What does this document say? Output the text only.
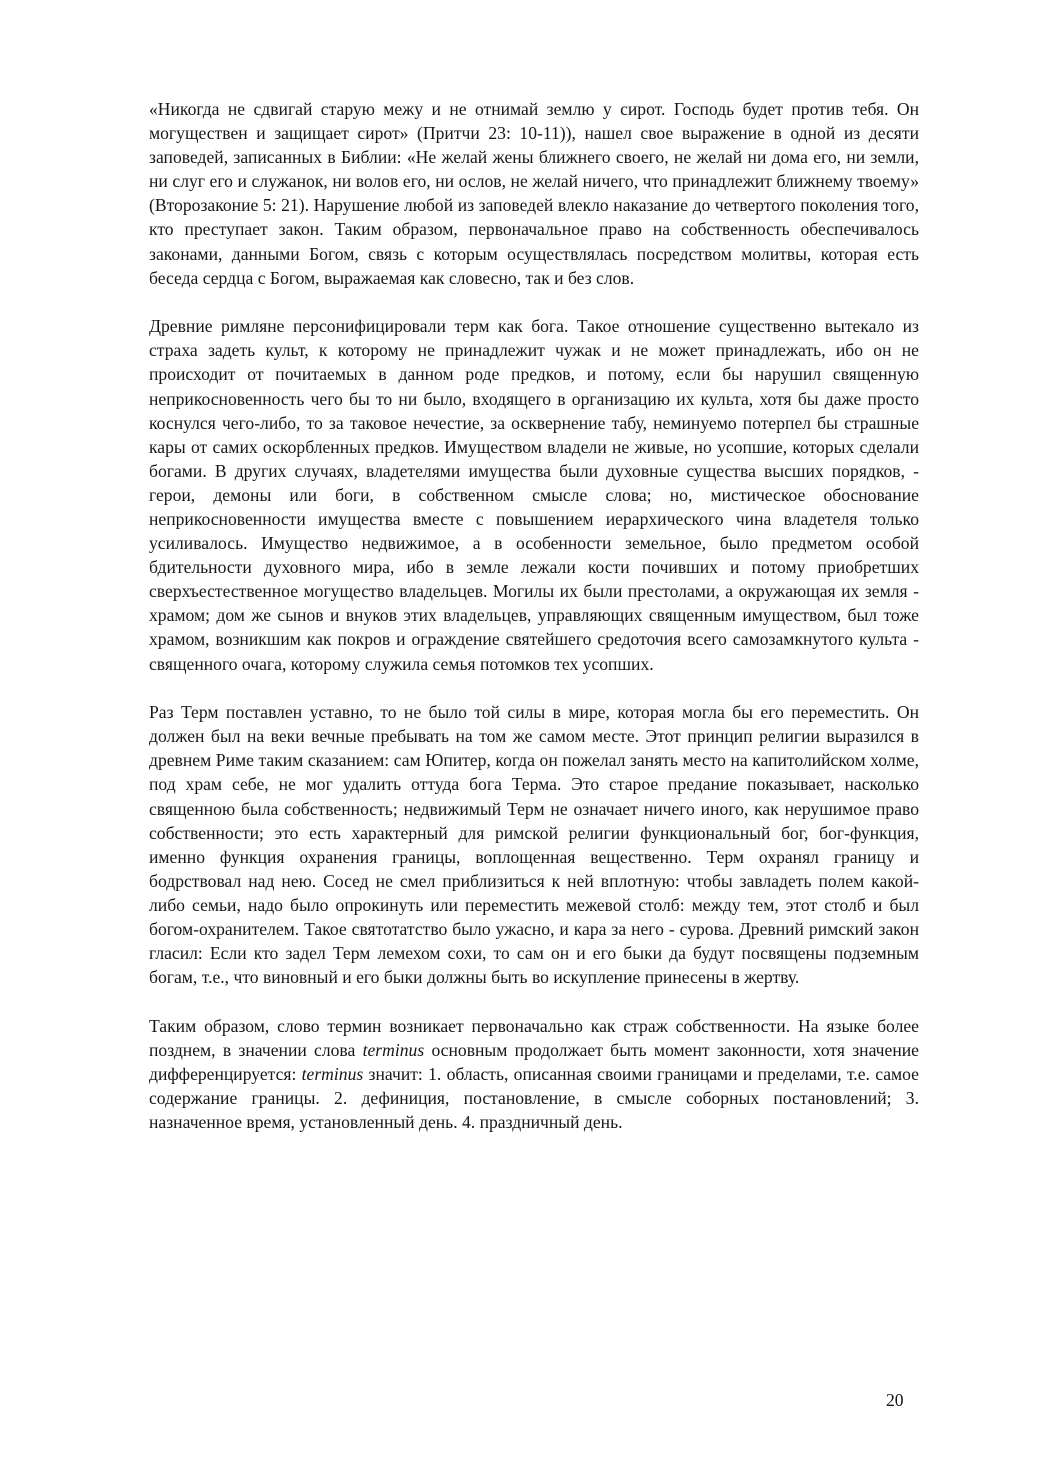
«Никогда не сдвигай старую межу и не отнимай землю у сирот. Господь будет против тебя. Он могуществен и защищает сирот» (Притчи 23: 10-11)), нашел свое выражение в одной из десяти заповедей, записанных в Библии: «Не желай жены ближнего своего, не желай ни дома его, ни земли, ни слуг его и служанок, ни волов его, ни ослов, не желай ничего, что принадлежит ближнему твоему» (Второзаконие 5: 21). Нарушение любой из заповедей влекло наказание до четвертого поколения того, кто преступает закон. Таким образом, первоначальное право на собственность обеспечивалось законами, данными Богом, связь с которым осуществлялась посредством молитвы, которая есть беседа сердца с Богом, выражаемая как словесно, так и без слов.

Древние римляне персонифицировали терм как бога. Такое отношение существенно вытекало из страха задеть культ, к которому не принадлежит чужак и не может принадлежать, ибо он не происходит от почитаемых в данном роде предков, и потому, если бы нарушил священную неприкосновенность чего бы то ни было, входящего в организацию их культа, хотя бы даже просто коснулся чего-либо, то за таковое нечестие, за осквернение табу, неминуемо потерпел бы страшные кары от самих оскорбленных предков. Имуществом владели не живые, но усопшие, которых сделали богами. В других случаях, владетелями имущества были духовные существа высших порядков, - герои, демоны или боги, в собственном смысле слова; но, мистическое обоснование неприкосновенности имущества вместе с повышением иерархического чина владетеля только усиливалось. Имущество недвижимое, а в особенности земельное, было предметом особой бдительности духовного мира, ибо в земле лежали кости почивших и потому приобретших сверхъестественное могущество владельцев. Могилы их были престолами, а окружающая их земля - храмом; дом же сынов и внуков этих владельцев, управляющих священным имуществом, был тоже храмом, возникшим как покров и ограждение святейшего средоточия всего самозамкнутого культа - священного очага, которому служила семья потомков тех усопших.

Раз Терм поставлен уставно, то не было той силы в мире, которая могла бы его переместить. Он должен был на веки вечные пребывать на том же самом месте. Этот принцип религии выразился в древнем Риме таким сказанием: сам Юпитер, когда он пожелал занять место на капитолийском холме, под храм себе, не мог удалить оттуда бога Терма. Это старое предание показывает, насколько священною была собственность; недвижимый Терм не означает ничего иного, как нерушимое право собственности; это есть характерный для римской религии функциональный бог, бог-функция, именно функция охранения границы, воплощенная вещественно. Терм охранял границу и бодрствовал над нею. Сосед не смел приблизиться к ней вплотную: чтобы завладеть полем какой-либо семьи, надо было опрокинуть или переместить межевой столб: между тем, этот столб и был богом-охранителем. Такое святотатство было ужасно, и кара за него - сурова. Древний римский закон гласил: Если кто задел Терм лемехом сохи, то сам он и его быки да будут посвящены подземным богам, т.е., что виновный и его быки должны быть во искупление принесены в жертву.

Таким образом, слово термин возникает первоначально как страж собственности. На языке более позднем, в значении слова terminus основным продолжает быть момент законности, хотя значение дифференцируется: terminus значит: 1. область, описанная своими границами и пределами, т.е. самое содержание границы. 2. дефиниция, постановление, в смысле соборных постановлений; 3. назначенное время, установленный день. 4. праздничный день.

20
